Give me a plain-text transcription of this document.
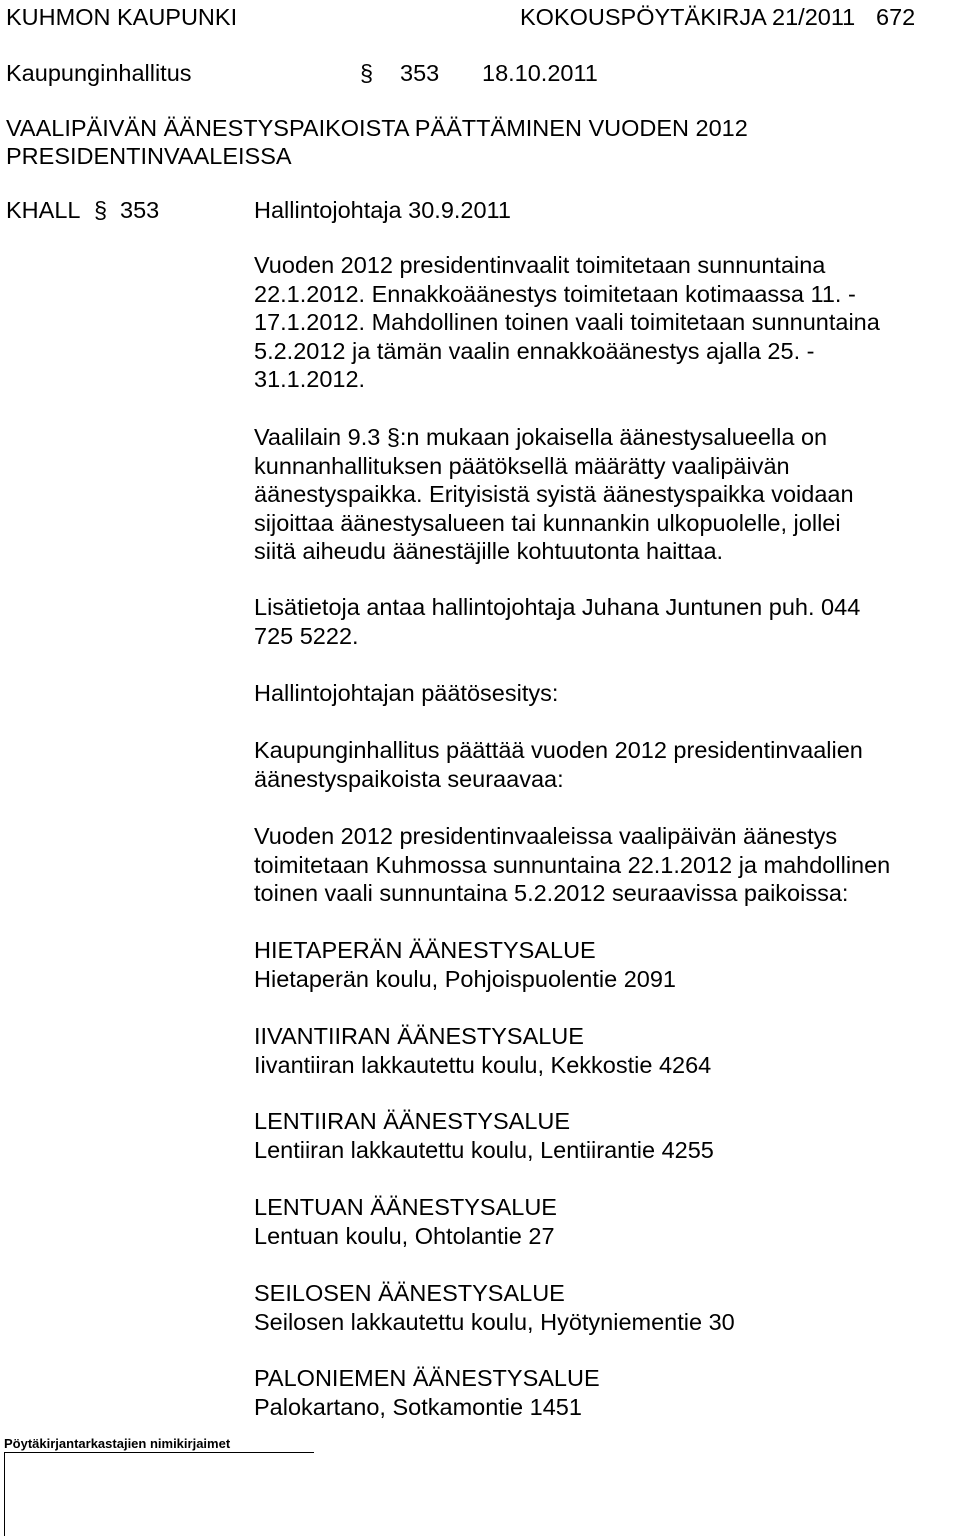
KUHMON KAUPUNKI	KOKOUSPÖYTÄKIRJA 21/2011 672
Kaupunginhallitus	§ 353 18.10.2011
VAALIPÄIVÄN ÄÄNESTYSPAIKOISTA PÄÄTTÄMINEN VUODEN 2012
PRESIDENTINVAALEISSA
KHALL § 353	Hallintojohtaja 30.9.2011
Vuoden 2012 presidentinvaalit toimitetaan sunnuntaina 22.1.2012. Ennakkoäänestys toimitetaan kotimaassa 11. - 17.1.2012. Mahdollinen toinen vaali toimitetaan sunnuntaina 5.2.2012 ja tämän vaalin ennakkoäänestys ajalla 25. - 31.1.2012.
Vaalilain 9.3 §:n mukaan jokaisella äänestysalueella on kunnanhallituksen päätöksellä määrätty vaalipäivän äänestyspaikka. Erityisistä syistä äänestyspaikka voidaan sijoittaa äänestysalueen tai kunnankin ulkopuolelle, jollei siitä aiheudu äänestäjille kohtuutonta haittaa.
Lisätietoja antaa hallintojohtaja Juhana Juntunen puh. 044 725 5222.
Hallintojohtajan päätösesitys:
Kaupunginhallitus päättää vuoden 2012 presidentinvaalien äänestyspaikoista seuraavaa:
Vuoden 2012 presidentinvaaleissa vaalipäivän äänestys toimitetaan Kuhmossa sunnuntaina 22.1.2012 ja mahdollinen toinen vaali sunnuntaina 5.2.2012 seuraavissa paikoissa:
HIETAPERÄN ÄÄNESTYSALUE
Hietaperän koulu, Pohjoispuolentie 2091
IIVANTIIRAN ÄÄNESTYSALUE
Iivantiiran lakkautettu koulu, Kekkostie 4264
LENTIIRAN ÄÄNESTYSALUE
Lentiiran lakkautettu koulu, Lentiirantie 4255
LENTUAN ÄÄNESTYSALUE
Lentuan koulu, Ohtolantie 27
SEILOSEN ÄÄNESTYSALUE
Seilosen lakkautettu koulu, Hyötyniementie 30
PALONIEMEN ÄÄNESTYSALUE
Palokartano, Sotkamontie 1451
Pöytäkirjantarkastajien nimikirjaimet
